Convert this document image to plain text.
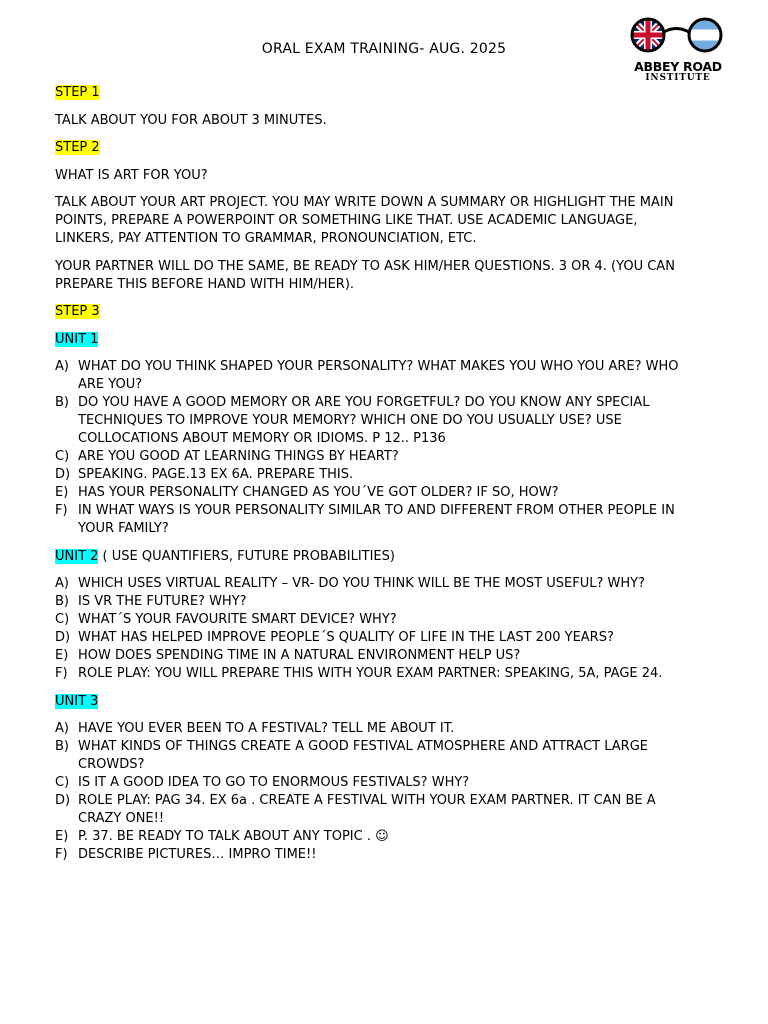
ORAL EXAM TRAINING- AUG. 2025
ABBEY ROAD
INSTITUTE

STEP 1

TALK ABOUT YOU FOR ABOUT 3 MINUTES.

STEP 2

WHAT IS ART FOR YOU?

TALK ABOUT YOUR ART PROJECT. YOU MAY WRITE DOWN A SUMMARY OR HIGHLIGHT THE MAIN POINTS, PREPARE A POWERPOINT OR SOMETHING LIKE THAT. USE ACADEMIC LANGUAGE, LINKERS, PAY ATTENTION TO GRAMMAR, PRONOUNCIATION, ETC.

YOUR PARTNER WILL DO THE SAME, BE READY TO ASK HIM/HER QUESTIONS. 3 OR 4. (YOU CAN PREPARE THIS BEFORE HAND WITH HIM/HER).

STEP 3

UNIT 1

A) WHAT DO YOU THINK SHAPED YOUR PERSONALITY? WHAT MAKES YOU WHO YOU ARE? WHO ARE YOU?
B) DO YOU HAVE A GOOD MEMORY OR ARE YOU FORGETFUL? DO YOU KNOW ANY SPECIAL TECHNIQUES TO IMPROVE YOUR MEMORY? WHICH ONE DO YOU USUALLY USE? USE COLLOCATIONS ABOUT MEMORY OR IDIOMS. P 12.. P136
C) ARE YOU GOOD AT LEARNING THINGS BY HEART?
D) SPEAKING. PAGE.13 EX 6A. PREPARE THIS.
E) HAS YOUR PERSONALITY CHANGED AS YOU´VE GOT OLDER? IF SO, HOW?
F) IN WHAT WAYS IS YOUR PERSONALITY SIMILAR TO AND DIFFERENT FROM OTHER PEOPLE IN YOUR FAMILY?

UNIT 2 ( USE QUANTIFIERS, FUTURE PROBABILITIES)

A) WHICH USES VIRTUAL REALITY – VR- DO YOU THINK WILL BE THE MOST USEFUL? WHY?
B) IS VR THE FUTURE? WHY?
C) WHAT´S YOUR FAVOURITE SMART DEVICE? WHY?
D) WHAT HAS HELPED IMPROVE PEOPLE´S QUALITY OF LIFE IN THE LAST 200 YEARS?
E) HOW DOES SPENDING TIME IN A NATURAL ENVIRONMENT HELP US?
F) ROLE PLAY: YOU WILL PREPARE THIS WITH YOUR EXAM PARTNER: SPEAKING, 5A, PAGE 24.

UNIT 3

A) HAVE YOU EVER BEEN TO A FESTIVAL? TELL ME ABOUT IT.
B) WHAT KINDS OF THINGS CREATE A GOOD FESTIVAL ATMOSPHERE AND ATTRACT LARGE CROWDS?
C) IS IT A GOOD IDEA TO GO TO ENORMOUS FESTIVALS? WHY?
D) ROLE PLAY: PAG 34. EX 6a . CREATE A FESTIVAL WITH YOUR EXAM PARTNER. IT CAN BE A CRAZY ONE!!
E) P. 37. BE READY TO TALK ABOUT ANY TOPIC . ☺
F) DESCRIBE PICTURES… IMPRO TIME!!
